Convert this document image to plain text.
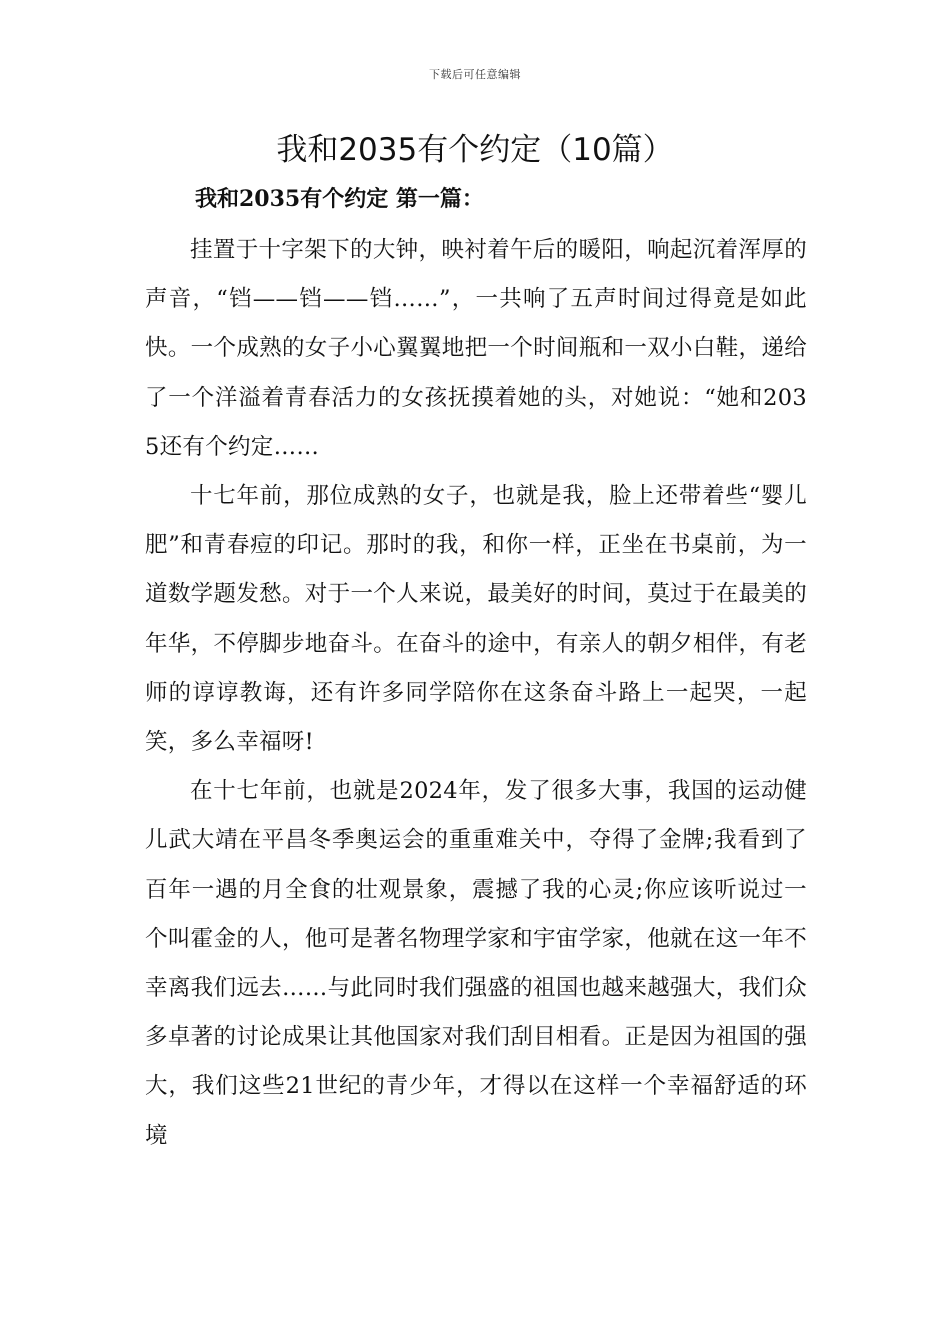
下载后可任意编辑
我和2035有个约定（10篇）
我和2035有个约定 第一篇：

挂置于十字架下的大钟，映衬着午后的暖阳，响起沉着浑厚的声音，“铛——铛——铛……”，一共响了五声时间过得竟是如此快。一个成熟的女子小心翼翼地把一个时间瓶和一双小白鞋，递给了一个洋溢着青春活力的女孩抚摸着她的头，对她说：“她和2035还有个约定……

十七年前，那位成熟的女子，也就是我，脸上还带着些“婴儿肥”和青春痘的印记。那时的我，和你一样，正坐在书桌前，为一道数学题发愁。对于一个人来说，最美好的时间，莫过于在最美的年华，不停脚步地奋斗。在奋斗的途中，有亲人的朝夕相伴，有老师的谆谆教诲，还有许多同学陪你在这条奋斗路上一起哭，一起笑，多么幸福呀!

在十七年前，也就是2024年，发了很多大事，我国的运动健儿武大靖在平昌冬季奥运会的重重难关中，夺得了金牌;我看到了百年一遇的月全食的壮观景象，震撼了我的心灵;你应该听说过一个叫霍金的人，他可是著名物理学家和宇宙学家，他就在这一年不幸离我们远去……与此同时我们强盛的祖国也越来越强大，我们众多卓著的讨论成果让其他国家对我们刮目相看。正是因为祖国的强大，我们这些21世纪的青少年，才得以在这样一个幸福舒适的环境
